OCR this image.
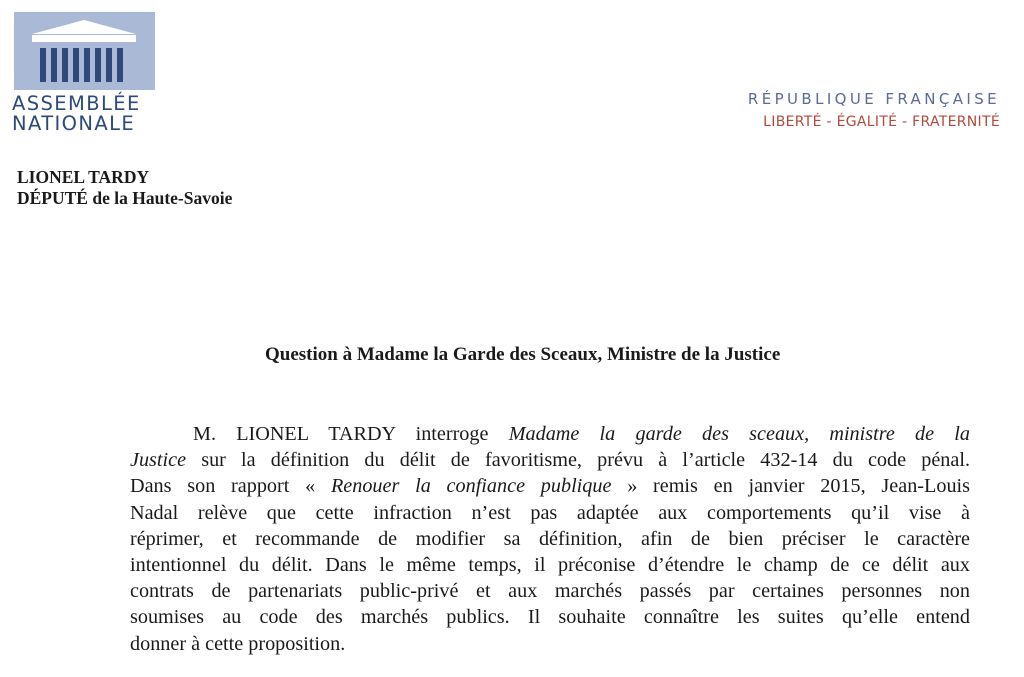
ASSEMBLÉE
NATIONALE
RÉPUBLIQUE FRANÇAISE
LIBERTÉ - ÉGALITÉ - FRATERNITÉ
LIONEL TARDY
DÉPUTÉ de la Haute-Savoie
Question à Madame la Garde des Sceaux, Ministre de la Justice
M. LIONEL TARDY interroge Madame la garde des sceaux, ministre de la
Justice sur la définition du délit de favoritisme, prévu à l’article 432-14 du code pénal.
Dans son rapport « Renouer la confiance publique » remis en janvier 2015, Jean-Louis
Nadal relève que cette infraction n’est pas adaptée aux comportements qu’il vise à
réprimer, et recommande de modifier sa définition, afin de bien préciser le caractère
intentionnel du délit. Dans le même temps, il préconise d’étendre le champ de ce délit aux
contrats de partenariats public-privé et aux marchés passés par certaines personnes non
soumises au code des marchés publics. Il souhaite connaître les suites qu’elle entend
donner à cette proposition.
